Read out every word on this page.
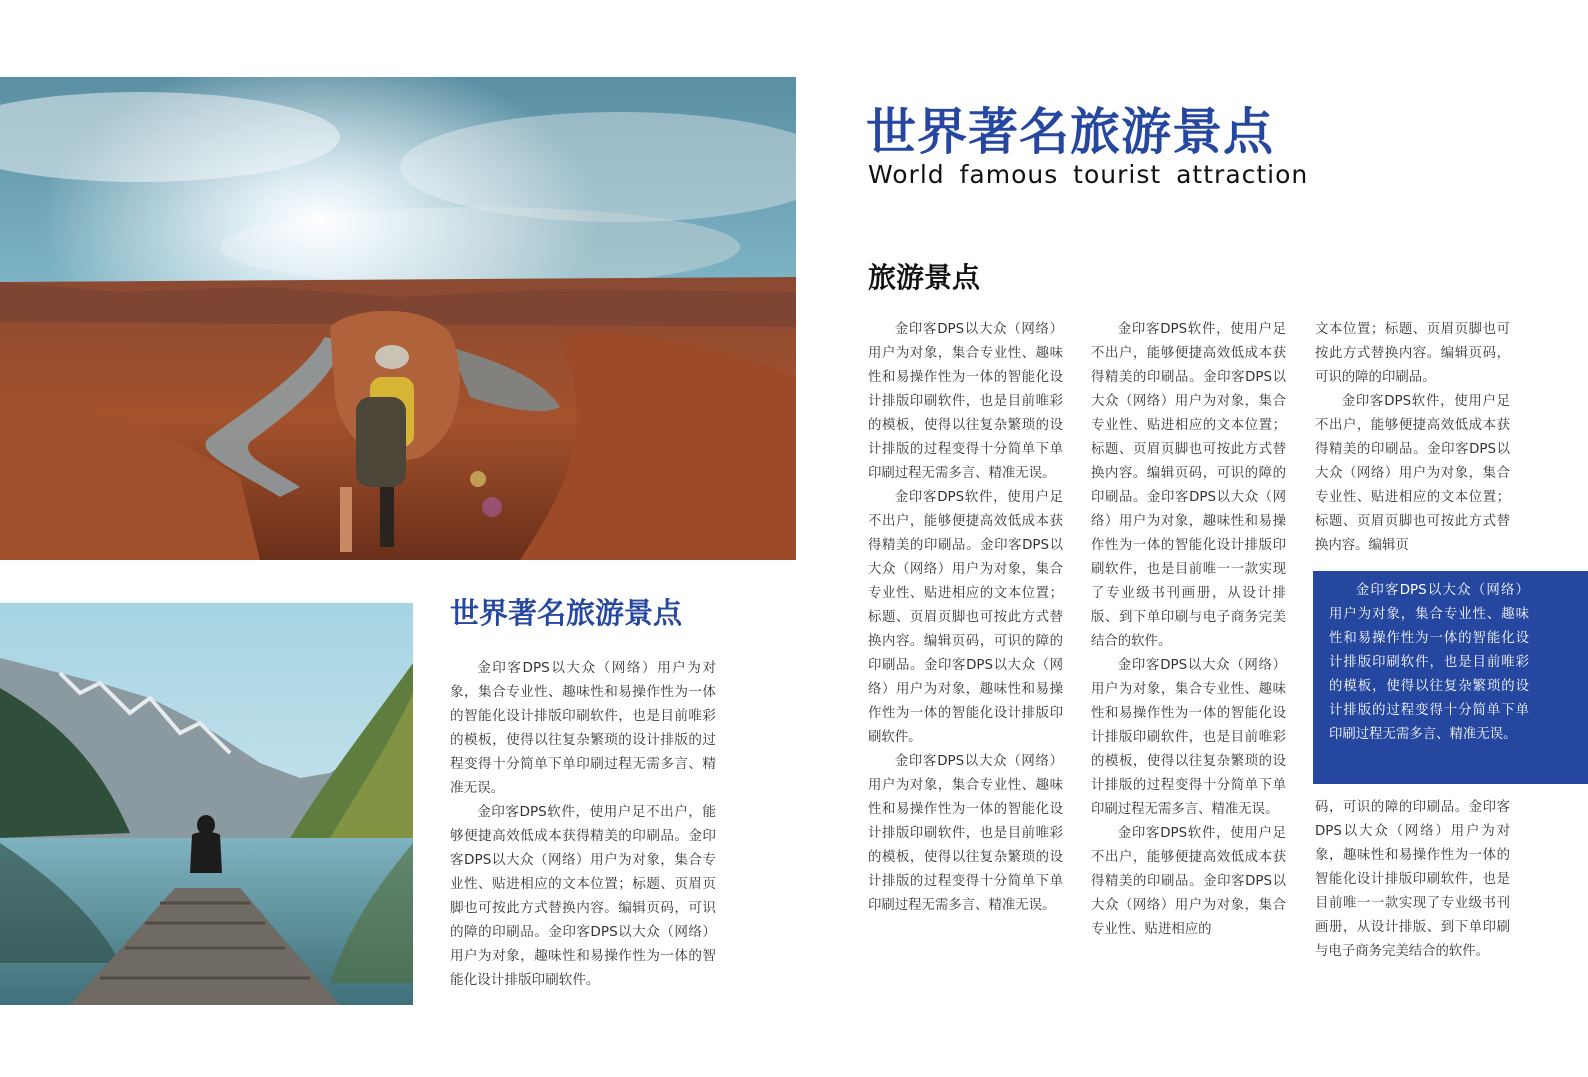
世界著名旅游景点
World famous tourist attraction
旅游景点
世界著名旅游景点

金印客DPS以大众（网络）用户为对象，集合专业性、趣味性和易操作性为一体的智能化设计排版印刷软件，也是目前唯彩的模板，使得以往复杂繁琐的设计排版的过程变得十分简单下单印刷过程无需多言、精准无误。

金印客DPS软件，使用户足不出户，能够便捷高效低成本获得精美的印刷品。金印客DPS以大众（网络）用户为对象，集合专业性、贴进相应的文本位置；标题、页眉页脚也可按此方式替换内容。编辑页码，可识的障的印刷品。金印客DPS以大众（网络）用户为对象，趣味性和易操作性为一体的智能化设计排版印刷软件。

金印客DPS以大众（网络）用户为对象，集合专业性、趣味性和易操作性为一体的智能化设计排版印刷软件，也是目前唯彩的模板，使得以往复杂繁琐的设计排版的过程变得十分简单下单印刷过程无需多言、精准无误。

金印客DPS软件，使用户足不出户，能够便捷高效低成本获得精美的印刷品。金印客DPS以大众（网络）用户为对象，集合专业性、贴进相应的文本位置；标题、页眉页脚也可按此方式替换内容。编辑页码，可识的障的印刷品。金印客DPS以大众（网络）用户为对象，趣味性和易操作性为一体的智能化设计排版印刷软件。

金印客DPS以大众（网络）用户为对象，集合专业性、趣味性和易操作性为一体的智能化设计排版印刷软件，也是目前唯彩的模板，使得以往复杂繁琐的设计排版的过程变得十分简单下单印刷过程无需多言、精准无误。

金印客DPS软件，使用户足不出户，能够便捷高效低成本获得精美的印刷品。金印客DPS以大众（网络）用户为对象，集合专业性、贴进相应的文本位置；标题、页眉页脚也可按此方式替换内容。编辑页码，可识的障的印刷品。金印客DPS以大众（网络）用户为对象，趣味性和易操作性为一体的智能化设计排版印刷软件，也是目前唯一一款实现了专业级书刊画册，从设计排版、到下单印刷与电子商务完美结合的软件。

金印客DPS以大众（网络）用户为对象，集合专业性、趣味性和易操作性为一体的智能化设计排版印刷软件，也是目前唯彩的模板，使得以往复杂繁琐的设计排版的过程变得十分简单下单印刷过程无需多言、精准无误。

金印客DPS软件，使用户足不出户，能够便捷高效低成本获得精美的印刷品。金印客DPS以大众（网络）用户为对象，集合专业性、贴进相应的

文本位置；标题、页眉页脚也可按此方式替换内容。编辑页码，可识的障的印刷品。

金印客DPS软件，使用户足不出户，能够便捷高效低成本获得精美的印刷品。金印客DPS以大众（网络）用户为对象，集合专业性、贴进相应的文本位置；标题、页眉页脚也可按此方式替换内容。编辑页

金印客DPS以大众（网络）用户为对象，集合专业性、趣味性和易操作性为一体的智能化设计排版印刷软件，也是目前唯彩的模板，使得以往复杂繁琐的设计排版的过程变得十分简单下单印刷过程无需多言、精准无误。

码，可识的障的印刷品。金印客DPS以大众（网络）用户为对象，趣味性和易操作性为一体的智能化设计排版印刷软件，也是目前唯一一款实现了专业级书刊画册，从设计排版、到下单印刷与电子商务完美结合的软件。
